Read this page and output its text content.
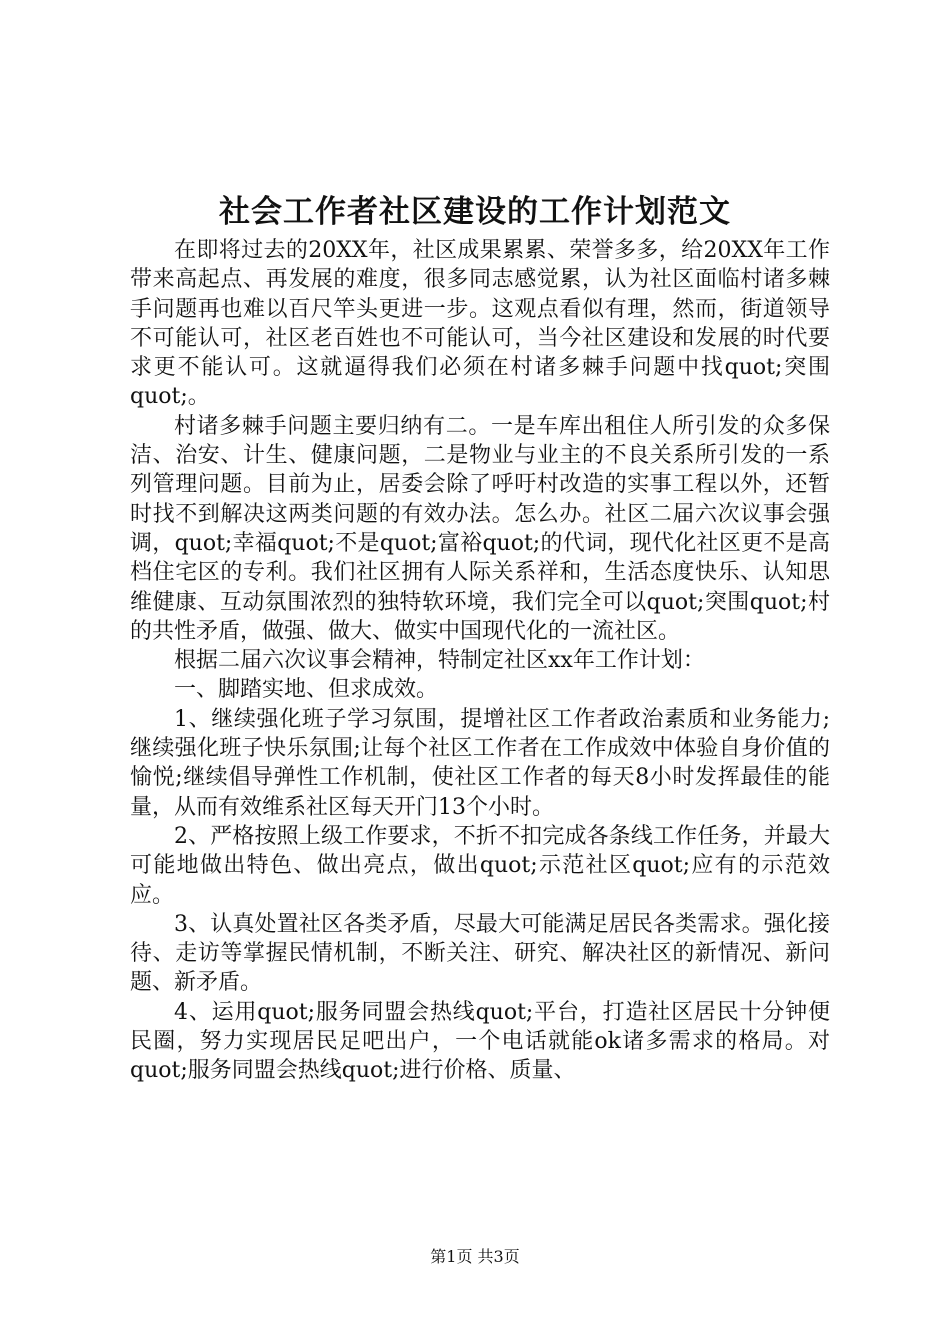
社会工作者社区建设的工作计划范文

在即将过去的20XX年，社区成果累累、荣誉多多，给20XX年工作带来高起点、再发展的难度，很多同志感觉累，认为社区面临村诸多棘手问题再也难以百尺竿头更进一步。这观点看似有理，然而，街道领导不可能认可，社区老百姓也不可能认可，当今社区建设和发展的时代要求更不能认可。这就逼得我们必须在村诸多棘手问题中找quot;突围quot;。

村诸多棘手问题主要归纳有二。一是车库出租住人所引发的众多保洁、治安、计生、健康问题，二是物业与业主的不良关系所引发的一系列管理问题。目前为止，居委会除了呼吁村改造的实事工程以外，还暂时找不到解决这两类问题的有效办法。怎么办。社区二届六次议事会强调，quot;幸福quot;不是quot;富裕quot;的代词，现代化社区更不是高档住宅区的专利。我们社区拥有人际关系祥和，生活态度快乐、认知思维健康、互动氛围浓烈的独特软环境，我们完全可以quot;突围quot;村的共性矛盾，做强、做大、做实中国现代化的一流社区。

根据二届六次议事会精神，特制定社区xx年工作计划：

一、脚踏实地、但求成效。

1、继续强化班子学习氛围，提增社区工作者政治素质和业务能力;继续强化班子快乐氛围;让每个社区工作者在工作成效中体验自身价值的愉悦;继续倡导弹性工作机制，使社区工作者的每天8小时发挥最佳的能量，从而有效维系社区每天开门13个小时。

2、严格按照上级工作要求，不折不扣完成各条线工作任务，并最大可能地做出特色、做出亮点，做出quot;示范社区quot;应有的示范效应。

3、认真处置社区各类矛盾，尽最大可能满足居民各类需求。强化接待、走访等掌握民情机制，不断关注、研究、解决社区的新情况、新问题、新矛盾。

4、运用quot;服务同盟会热线quot;平台，打造社区居民十分钟便民圈，努力实现居民足吧出户，一个电话就能ok诸多需求的格局。对quot;服务同盟会热线quot;进行价格、质量、

第1页 共3页
